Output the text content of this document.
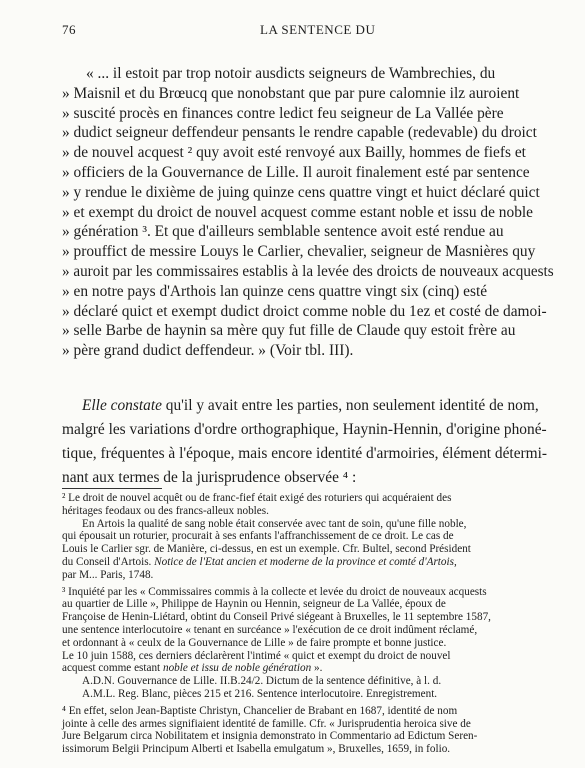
76	LA SENTENCE DU
« ... il estoit par trop notoir ausdicts seigneurs de Wambrechies, du
» Maisnil et du Brœucq que nonobstant que par pure calomnie ilz auroient
» suscité procès en finances contre ledict feu seigneur de La Vallée père
» dudict seigneur deffendeur pensants le rendre capable (redevable) du droict
» de nouvel acquest ² quy avoit esté renvoyé aux Bailly, hommes de fiefs et
» officiers de la Gouvernance de Lille. Il auroit finalement esté par sentence
» y rendue le dixième de juing quinze cens quattre vingt et huict déclaré quict
» et exempt du droict de nouvel acquest comme estant noble et issu de noble
» génération ³. Et que d'ailleurs semblable sentence avoit esté rendue au
» prouffict de messire Louys le Carlier, chevalier, seigneur de Masnières quy
» auroit par les commissaires establis à la levée des droicts de nouveaux acquests
» en notre pays d'Arthois lan quinze cens quattre vingt six (cinq) esté
» déclaré quict et exempt dudict droict comme noble du 1ez et costé de damoi-
» selle Barbe de haynin sa mère quy fut fille de Claude quy estoit frère au
» père grand dudict deffendeur. » (Voir tbl. III).
Elle constate qu'il y avait entre les parties, non seulement identité de nom,
malgré les variations d'ordre orthographique, Haynin-Hennin, d'origine phoné-
tique, fréquentes à l'époque, mais encore identité d'armoiries, élément détermi-
nant aux termes de la jurisprudence observée ⁴ :
² Le droit de nouvel acquêt ou de franc-fief était exigé des roturiers qui acquéraient des
héritages feodaux ou des francs-alleux nobles.
En Artois la qualité de sang noble était conservée avec tant de soin, qu'une fille noble,
qui épousait un roturier, procurait à ses enfants l'affranchissement de ce droit. Le cas de
Louis le Carlier sgr. de Manière, ci-dessus, en est un exemple. Cfr. Bultel, second Président
du Conseil d'Artois. Notice de l'Etat ancien et moderne de la province et comté d'Artois,
par M... Paris, 1748.
³ Inquiété par les « Commissaires commis à la collecte et levée du droict de nouveaux acquests
au quartier de Lille », Philippe de Haynin ou Hennin, seigneur de La Vallée, époux de
Françoise de Henin-Liétard, obtint du Conseil Privé siégeant à Bruxelles, le 11 septembre 1587,
une sentence interlocutoire « tenant en surcéance » l'exécution de ce droit indûment réclamé,
et ordonnant à « ceulx de la Gouvernance de Lille » de faire prompte et bonne justice.
Le 10 juin 1588, ces derniers déclarèrent l'intimé « quict et exempt du droict de nouvel
acquest comme estant noble et issu de noble génération ».
A.D.N. Gouvernance de Lille. II.B.24/2. Dictum de la sentence définitive, à l. d.
A.M.L. Reg. Blanc, pièces 215 et 216. Sentence interlocutoire. Enregistrement.
⁴ En effet, selon Jean-Baptiste Christyn, Chancelier de Brabant en 1687, identité de nom
jointe à celle des armes signifiaient identité de famille. Cfr. « Jurisprudentia heroica sive de
Jure Belgarum circa Nobilitatem et insignia demonstrato in Commentario ad Edictum Seren-
issimorum Belgii Principum Alberti et Isabella emulgatum », Bruxelles, 1659, in folio.
